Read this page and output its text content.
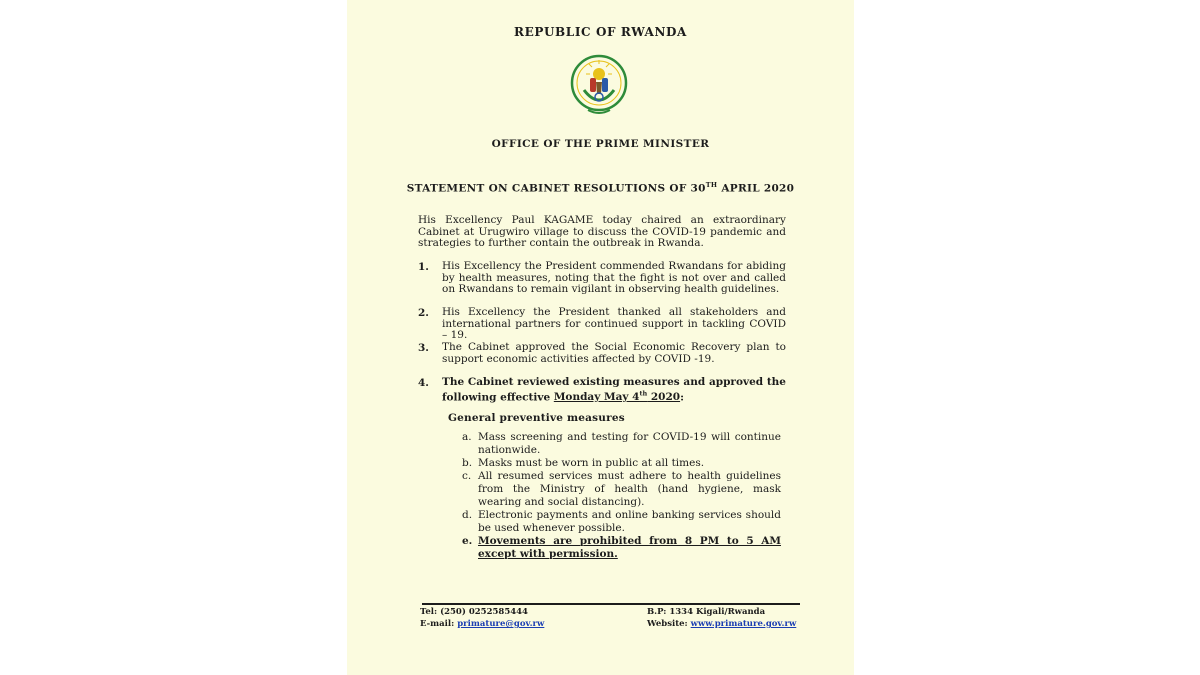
REPUBLIC OF RWANDA
OFFICE OF THE PRIME MINISTER
STATEMENT ON CABINET RESOLUTIONS OF 30TH APRIL 2020
His Excellency Paul KAGAME today chaired an extraordinary Cabinet at Urugwiro village to discuss the COVID-19 pandemic and strategies to further contain the outbreak in Rwanda.
1. His Excellency the President commended Rwandans for abiding by health measures, noting that the fight is not over and called on Rwandans to remain vigilant in observing health guidelines.
2. His Excellency the President thanked all stakeholders and international partners for continued support in tackling COVID – 19.
3. The Cabinet approved the Social Economic Recovery plan to support economic activities affected by COVID -19.
4. The Cabinet reviewed existing measures and approved the following effective Monday May 4th 2020:
General preventive measures
a. Mass screening and testing for COVID-19 will continue nationwide.
b. Masks must be worn in public at all times.
c. All resumed services must adhere to health guidelines from the Ministry of health (hand hygiene, mask wearing and social distancing).
d. Electronic payments and online banking services should be used whenever possible.
e. Movements are prohibited from 8 PM to 5 AM except with permission.
Tel: (250) 0252585444
E-mail: primature@gov.rw
B.P: 1334 Kigali/Rwanda
Website: www.primature.gov.rw
